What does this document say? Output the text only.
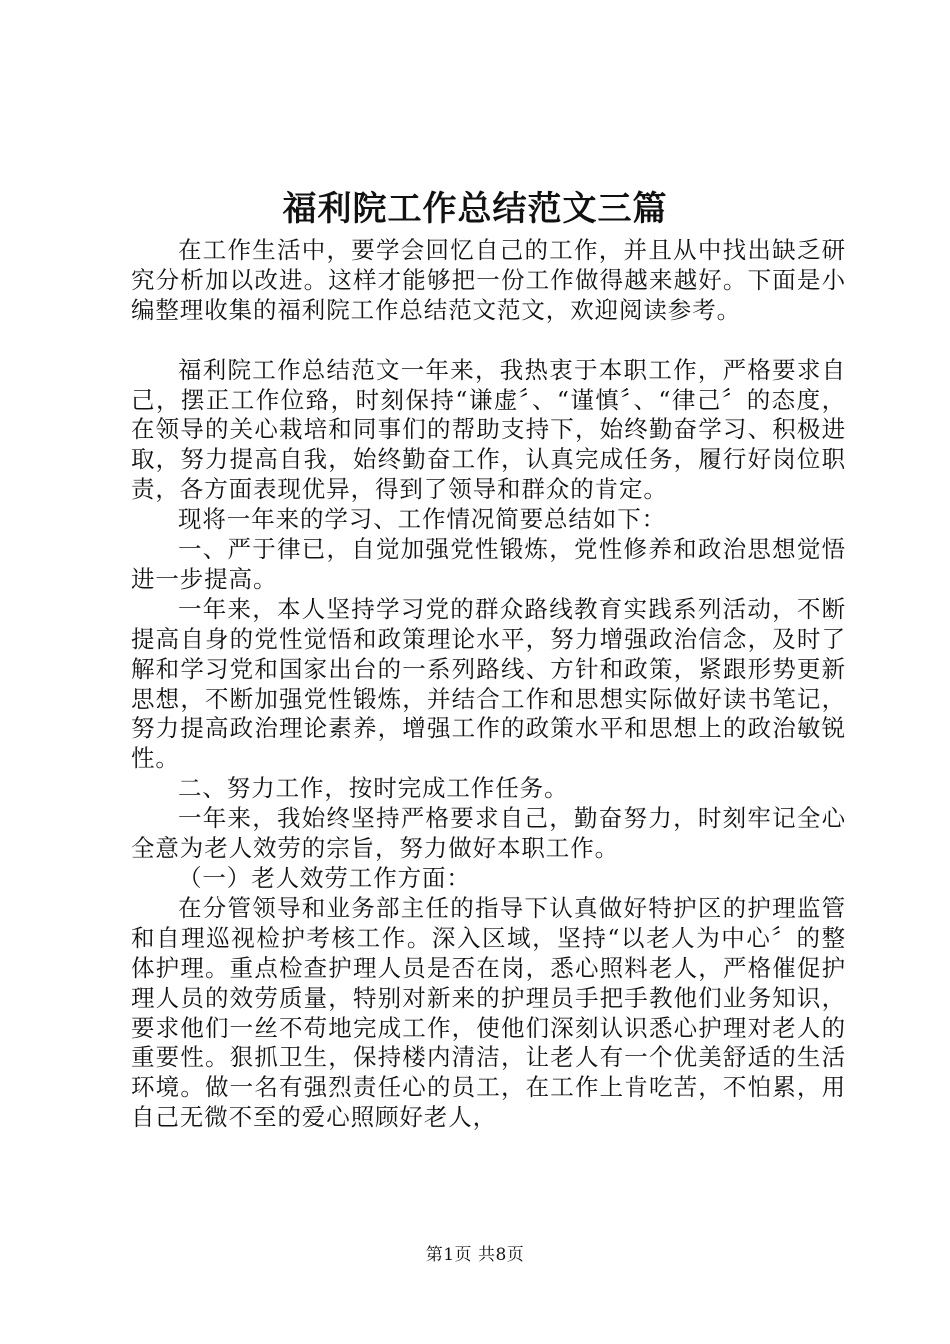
福利院工作总结范文三篇

在工作生活中，要学会回忆自己的工作，并且从中找出缺乏研究分析加以改进。这样才能够把一份工作做得越来越好。下面是小编整理收集的福利院工作总结范文范文，欢迎阅读参考。

福利院工作总结范文一年来，我热衷于本职工作，严格要求自己，摆正工作位臵，时刻保持“谦虚〞、“谨慎〞、“律己〞的态度，在领导的关心栽培和同事们的帮助支持下，始终勤奋学习、积极进取，努力提高自我，始终勤奋工作，认真完成任务，履行好岗位职责，各方面表现优异，得到了领导和群众的肯定。

现将一年来的学习、工作情况简要总结如下：

一、严于律已，自觉加强党性锻炼，党性修养和政治思想觉悟进一步提高。

一年来，本人坚持学习党的群众路线教育实践系列活动，不断提高自身的党性觉悟和政策理论水平，努力增强政治信念，及时了解和学习党和国家出台的一系列路线、方针和政策，紧跟形势更新思想，不断加强党性锻炼，并结合工作和思想实际做好读书笔记，努力提高政治理论素养，增强工作的政策水平和思想上的政治敏锐性。

二、努力工作，按时完成工作任务。

一年来，我始终坚持严格要求自己，勤奋努力，时刻牢记全心全意为老人效劳的宗旨，努力做好本职工作。

（一）老人效劳工作方面：

在分管领导和业务部主任的指导下认真做好特护区的护理监管和自理巡视检护考核工作。深入区域，坚持“以老人为中心〞的整体护理。重点检查护理人员是否在岗，悉心照料老人，严格催促护理人员的效劳质量，特别对新来的护理员手把手教他们业务知识，要求他们一丝不苟地完成工作，使他们深刻认识悉心护理对老人的重要性。狠抓卫生，保持楼内清洁，让老人有一个优美舒适的生活环境。做一名有强烈责任心的员工，在工作上肯吃苦，不怕累，用自己无微不至的爱心照顾好老人，

第1页 共8页
